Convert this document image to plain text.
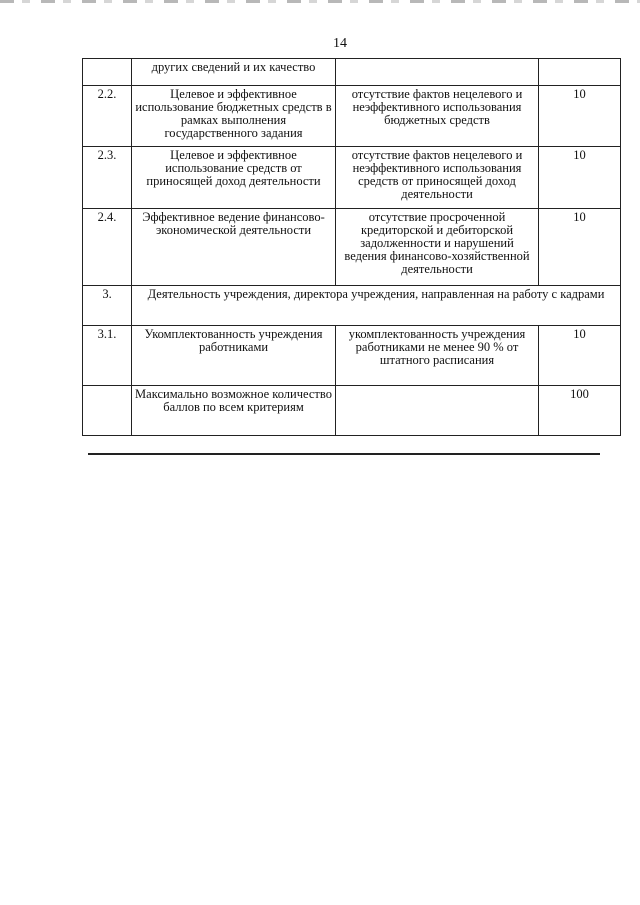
14
	других сведений и их качество		
2.2.	Целевое и эффективное использование бюджетных средств в рамках выполнения государственного задания	отсутствие фактов нецелевого и неэффективного использования бюджетных средств	10
2.3.	Целевое и эффективное использование средств от приносящей доход деятельности	отсутствие фактов нецелевого и неэффективного использования средств от приносящей доход деятельности	10
2.4.	Эффективное ведение финансово-экономической деятельности	отсутствие просроченной кредиторской и дебиторской задолженности и нарушений ведения финансово-хозяйственной деятельности	10
3.	Деятельность учреждения, директора учреждения, направленная на работу с кадрами		
3.1.	Укомплектованность учреждения работниками	укомплектованность учреждения работниками не менее 90 % от штатного расписания	10
	Максимально возможное количество баллов по всем критериям		100
